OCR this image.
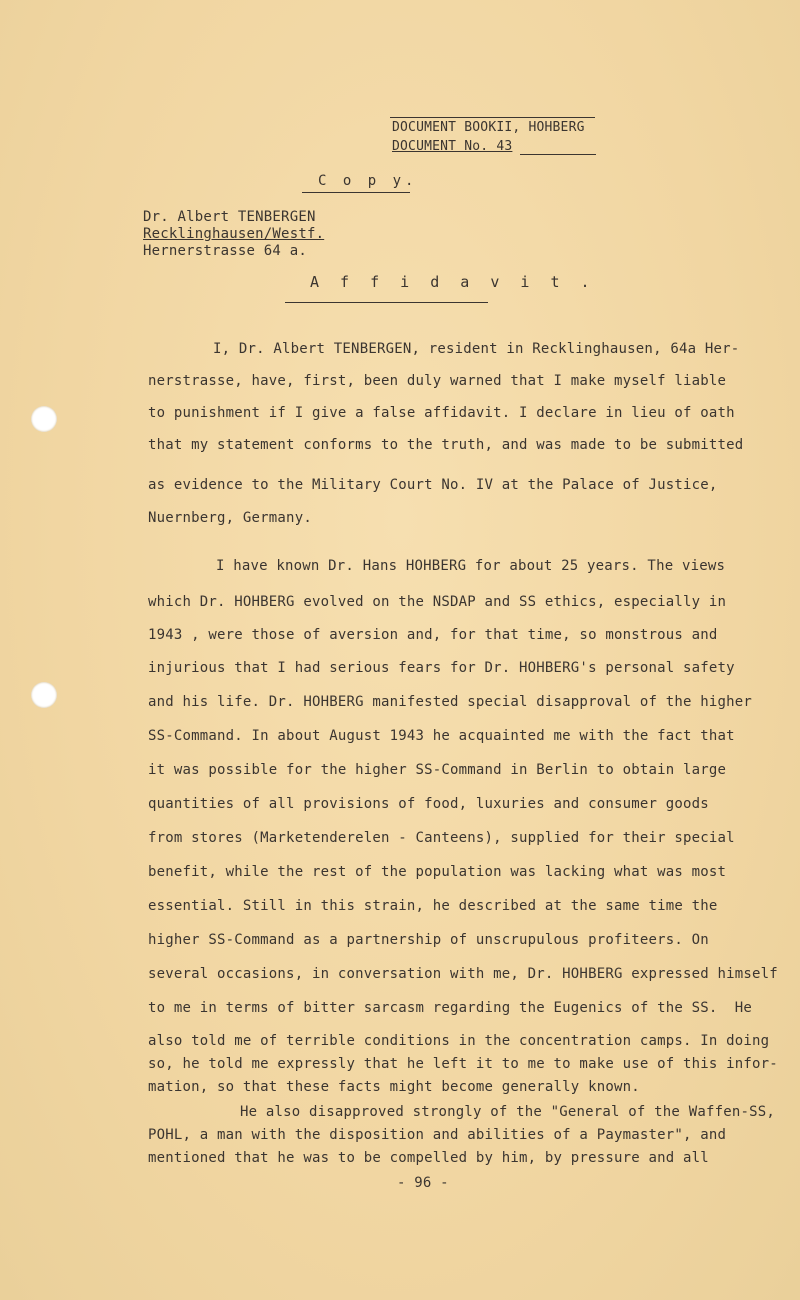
DOCUMENT BOOKII, HOHBERG
DOCUMENT No. 43
C o p y.
Dr. Albert TENBERGEN
Recklinghausen/Westf.
Hernerstrasse 64 a.
A f f i d a v i t .
I, Dr. Albert TENBERGEN, resident in Recklinghausen, 64a Her-
nerstrasse, have, first, been duly warned that I make myself liable
to punishment if I give a false affidavit. I declare in lieu of oath
that my statement conforms to the truth, and was made to be submitted
as evidence to the Military Court No. IV at the Palace of Justice,
Nuernberg, Germany.
I have known Dr. Hans HOHBERG for about 25 years. The views
which Dr. HOHBERG evolved on the NSDAP and SS ethics, especially in
1943 , were those of aversion and, for that time, so monstrous and
injurious that I had serious fears for Dr. HOHBERG's personal safety
and his life. Dr. HOHBERG manifested special disapproval of the higher
SS-Command. In about August 1943 he acquainted me with the fact that
it was possible for the higher SS-Command in Berlin to obtain large
quantities of all provisions of food, luxuries and consumer goods
from stores (Marketenderelen - Canteens), supplied for their special
benefit, while the rest of the population was lacking what was most
essential. Still in this strain, he described at the same time the
higher SS-Command as a partnership of unscrupulous profiteers. On
several occasions, in conversation with me, Dr. HOHBERG expressed himself
to me in terms of bitter sarcasm regarding the Eugenics of the SS.  He
also told me of terrible conditions in the concentration camps. In doing
so, he told me expressly that he left it to me to make use of this infor-
mation, so that these facts might become generally known.
He also disapproved strongly of the "General of the Waffen-SS,
POHL, a man with the disposition and abilities of a Paymaster", and
mentioned that he was to be compelled by him, by pressure and all
- 96 -
